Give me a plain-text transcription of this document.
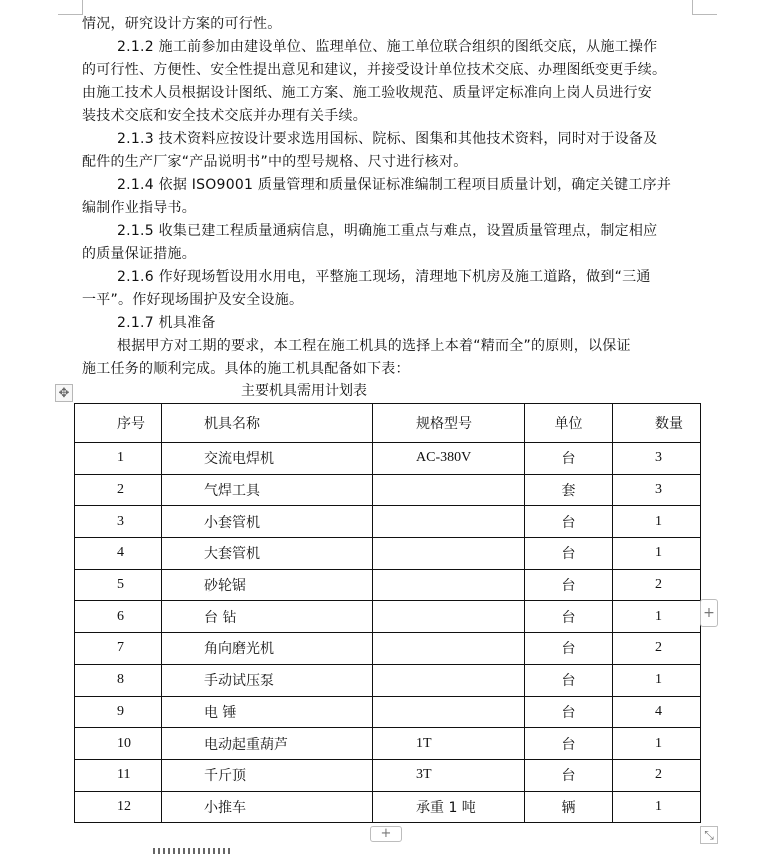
情况，研究设计方案的可行性。
2.1.2 施工前参加由建设单位、监理单位、施工单位联合组织的图纸交底，从施工操作
的可行性、方便性、安全性提出意见和建议，并接受设计单位技术交底、办理图纸变更手续。
由施工技术人员根据设计图纸、施工方案、施工验收规范、质量评定标准向上岗人员进行安
装技术交底和安全技术交底并办理有关手续。
2.1.3 技术资料应按设计要求选用国标、院标、图集和其他技术资料，同时对于设备及
配件的生产厂家“产品说明书”中的型号规格、尺寸进行核对。
2.1.4 依据 ISO9001 质量管理和质量保证标准编制工程项目质量计划，确定关键工序并
编制作业指导书。
2.1.5 收集已建工程质量通病信息，明确施工重点与难点，设置质量管理点，制定相应
的质量保证措施。
2.1.6 作好现场暂设用水用电，平整施工现场，清理地下机房及施工道路，做到“三通
一平”。作好现场围护及安全设施。
2.1.7 机具准备
根据甲方对工期的要求，本工程在施工机具的选择上本着“精而全”的原则，以保证
施工任务的顺利完成。具体的施工机具配备如下表：
✥	主要机具需用计划表
序号	机具名称	规格型号	单位	数量
1	交流电焊机	AC-380V	台	3
2	气焊工具		套	3
3	小套管机		台	1
4	大套管机		台	1
5	砂轮锯		台	2
6	台 钻		台	1
7	角向磨光机		台	2
8	手动试压泵		台	1
9	电 锤		台	4
10	电动起重葫芦	1T	台	1
11	千斤顶	3T	台	2
12	小推车	承重 1 吨	辆	1
+
+	⤡
